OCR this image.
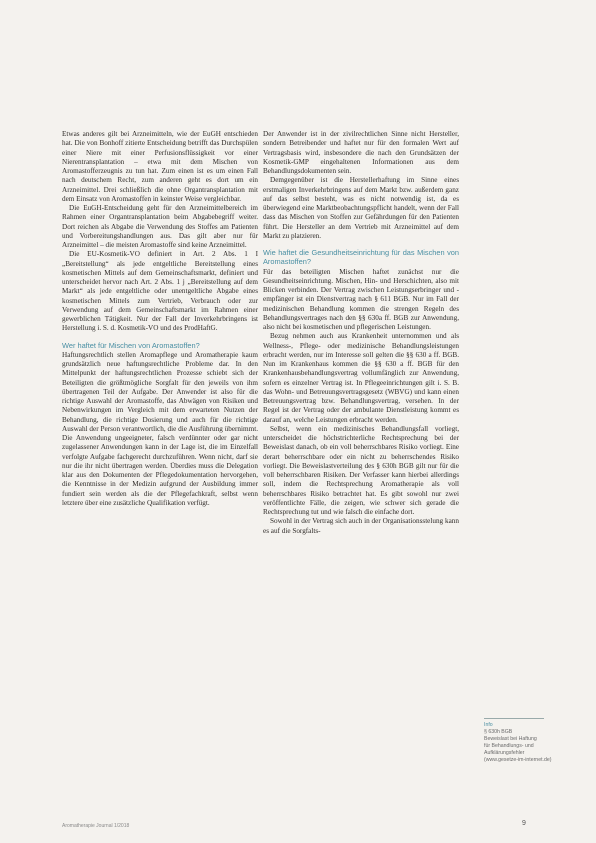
Etwas anderes gilt bei Arzneimitteln, wie der EuGH entschieden hat. Die von Bonhoff zitierte Entscheidung betrifft das Durchspülen einer Niere mit einer Perfusionsflüssigkeit vor einer Nierentransplantation – etwa mit dem Mischen von Aromastofferzeugnis zu tun hat. Zum einen ist es um einen Fall nach deutschem Recht, zum anderen geht es dort um ein Arzneimittel. Drei schließlich die ohne Organtransplantation mit dem Einsatz von Aromastoffen in keinster Weise vergleichbar.

Die EuGH-Entscheidung geht für den Arzneimittelbereich im Rahmen einer Organtransplantation beim Abgabebegriff weiter. Dort reichen als Abgabe die Verwendung des Stoffes am Patienten und Vorbereitungshandlungen aus. Das gilt aber nur für Arzneimittel – die meisten Aromastoffe sind keine Arzneimittel.

Die EU-Kosmetik-VO definiert in Art. 2 Abs. 1 I „Bereitstellung“ als jede entgeltliche Bereitstellung eines kosmetischen Mittels auf dem Gemeinschaftsmarkt, definiert und unterscheidet hervor nach Art. 2 Abs. 1 j „Bereitstellung auf dem Markt“ als jede entgeltliche oder unentgeltliche Abgabe eines kosmetischen Mittels zum Vertrieb, Verbrauch oder zur Verwendung auf dem Gemeinschaftsmarkt im Rahmen einer gewerblichen Tätigkeit. Nur der Fall der Inverkehrbringens ist Herstellung i. S. d. Kosmetik-VO und des ProdHaftG.

Wer haftet für Mischen von Aromastoffen?

Haftungsrechtlich stellen Aromapflege und Aromatherapie kaum grundsätzlich neue haftungsrechtliche Probleme dar. In den Mittelpunkt der haftungsrechtlichen Prozesse schiebt sich der Beteiligten die größtmögliche Sorgfalt für den jeweils von ihm übertragenen Teil der Aufgabe. Der Anwender ist also für die richtige Auswahl der Aromastoffe, das Abwägen von Risiken und Nebenwirkungen im Vergleich mit dem erwarteten Nutzen der Behandlung, die richtige Dosierung und auch für die richtige Auswahl der Person verantwortlich, die die Ausführung übernimmt. Die Anwendung ungeeigneter, falsch verdünnter oder gar nicht zugelassener Anwendungen kann in der Lage ist, die im Einzelfall verfolgte Aufgabe fachgerecht durchzuführen. Wenn nicht, darf sie nur die ihr nicht übertragen werden. Überdies muss die Delegation klar aus den Dokumenten der Pflegedokumentation hervorgehen, die Kenntnisse in der Medizin aufgrund der Ausbildung immer fundiert sein werden als die der Pflegefachkraft, selbst wenn letztere über eine zusätzliche Qualifikation verfügt.

Der Anwender ist in der zivilrechtlichen Sinne nicht Hersteller, sondern Betreibender und haftet nur für den formalen Wert auf Vertragsbasis wird, insbesondere die nach den Grundsätzen der Kosmetik-GMP eingehaltenen Informationen aus dem Behandlungsdokumenten sein.

Demgegenüber ist die Herstellerhaftung im Sinne eines erstmaligen Inverkehrbringens auf dem Markt bzw. außerdem ganz auf das selbst besteht, was es nicht notwendig ist, da es überwiegend eine Marktbeobachtungspflicht handelt, wenn der Fall dass das Mischen von Stoffen zur Gefährdungen für den Patienten führt. Die Hersteller an dem Vertrieb mit Arzneimittel auf dem Markt zu platzieren.

Wie haftet die Gesundheitseinrichtung für das Mischen von Aromastoffen?

Für das beteiligten Mischen haftet zunächst nur die Gesundheitseinrichtung. Mischen, Hin- und Herschichten, also mit Blicken verbinden. Der Vertrag zwischen Leistungserbringer und -empfänger ist ein Dienstvertrag nach § 611 BGB. Nur im Fall der medizinischen Behandlung kommen die strengen Regeln des Behandlungsvertrages nach den §§ 630a ff. BGB zur Anwendung, also nicht bei kosmetischen und pflegerischen Leistungen.

Bezug nehmen auch aus Krankenheit unternommen und als Wellness-, Pflege- oder medizinische Behandlungsleistungen erbracht werden, nur im Interesse soll gelten die §§ 630 a ff. BGB. Nun im Krankenhaus kommen die §§ 630 a ff. BGB für den Krankenhausbehandlungsvertrag vollumfänglich zur Anwendung, sofern es einzelner Vertrag ist. In Pflegeeinrichtungen gilt i. S. B. das Wohn- und Betreuungsvertragsgesetz (WBVG) und kann einen Betreuungsvertrag bzw. Behandlungsvertrag, versehen. In der Regel ist der Vertrag oder der ambulante Dienstleistung kommt es darauf an, welche Leistungen erbracht werden.

Selbst, wenn ein medizinisches Behandlungsfall vorliegt, unterscheidet die höchstrichterliche Rechtsprechung bei der Beweislast danach, ob ein voll beherrschbares Risiko vorliegt. Eine derart beherrschbare oder ein nicht zu beherrschendes Risiko vorliegt. Die Beweislastverteilung des § 630h BGB gilt nur für die voll beherrschbaren Risiken. Der Verfasser kann hierbei allerdings soll, indem die Rechtsprechung Aromatherapie als voll beherrschbares Risiko betrachtet hat. Es gibt sowohl nur zwei veröffentlichte Fälle, die zeigen, wie schwer sich gerade die Rechtsprechung tut und wie falsch die einfache dort.

Sowohl in der Vertrag sich auch in der Organisationsstelung kann es auf die Sorgfalts-

Info
§ 630h BGB
Beweislast bei Haftung
für Behandlungs- und
Aufklärungsfehler
(www.gesetze-im-internet.de)
Aromatherapie Journal 1/2018	9
